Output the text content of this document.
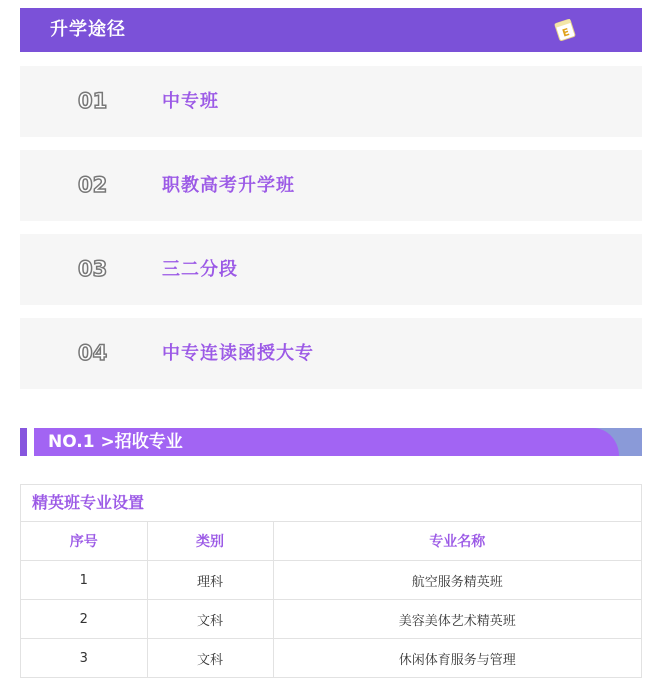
升学途径	E
01	中专班
02	职教高考升学班
03	三二分段
04	中专连读函授大专
NO.1 >招收专业
精英班专业设置
序号	类别	专业名称
1	理科	航空服务精英班
2	文科	美容美体艺术精英班
3	文科	休闲体育服务与管理
